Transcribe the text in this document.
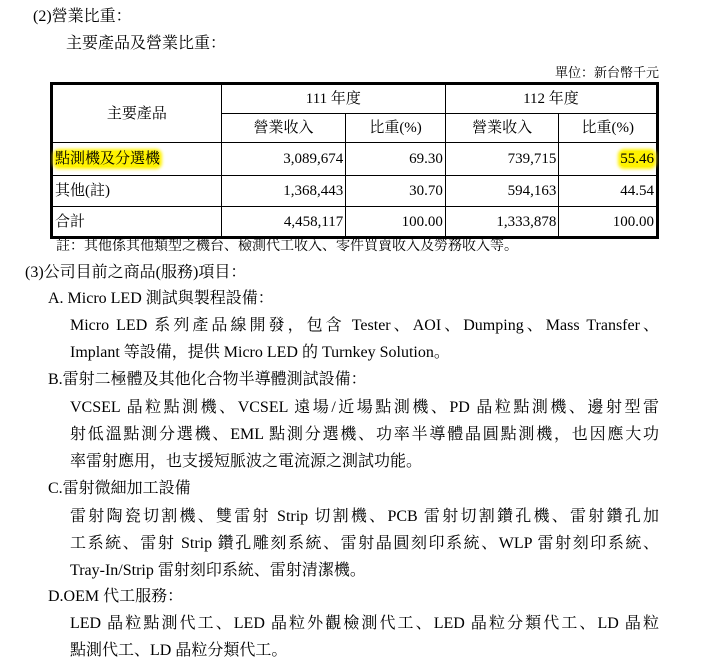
(2)營業比重：
主要產品及營業比重：
單位：新台幣千元
主要產品	111 年度		112 年度	
	營業收入	比重(%)	營業收入	比重(%)
點測機及分選機	3,089,674	69.30	739,715	55.46
其他(註)	1,368,443	30.70	594,163	44.54
合計	4,458,117	100.00	1,333,878	100.00
註：其他係其他類型之機台、檢測代工收入、零件買賣收入及勞務收入等。
(3)公司目前之商品(服務)項目：
A. Micro LED 測試與製程設備：
Micro LED 系列產品線開發，包含 Tester、AOI、Dumping、Mass Transfer、
Implant 等設備，提供 Micro LED 的 Turnkey Solution。
B.雷射二極體及其他化合物半導體測試設備：
VCSEL 晶粒點測機、VCSEL 遠場/近場點測機、PD 晶粒點測機、邊射型雷
射低溫點測分選機、EML 點測分選機、功率半導體晶圓點測機，也因應大功
率雷射應用，也支援短脈波之電流源之測試功能。
C.雷射微細加工設備
雷射陶瓷切割機、雙雷射 Strip 切割機、PCB 雷射切割鑽孔機、雷射鑽孔加
工系統、雷射 Strip 鑽孔雕刻系統、雷射晶圓刻印系統、WLP 雷射刻印系統、
Tray-In/Strip 雷射刻印系統、雷射清潔機。
D.OEM 代工服務：
LED 晶粒點測代工、LED 晶粒外觀檢測代工、LED 晶粒分類代工、LD 晶粒
點測代工、LD 晶粒分類代工。
